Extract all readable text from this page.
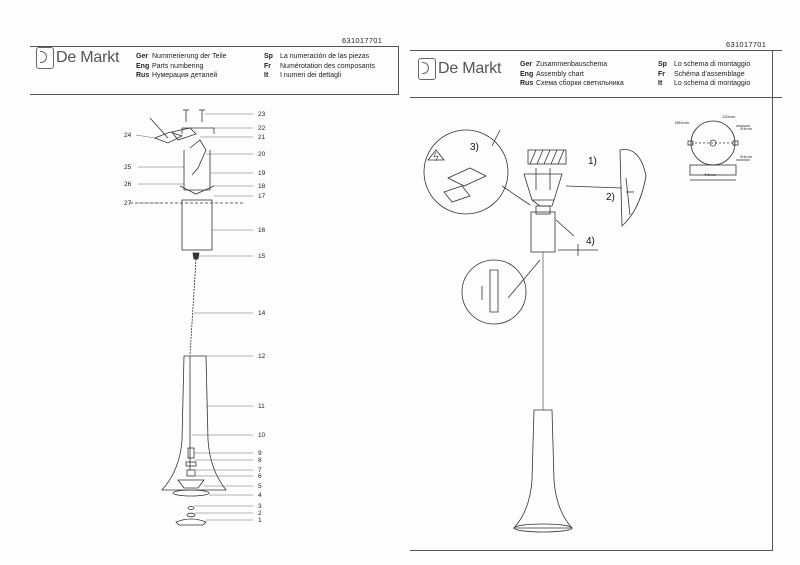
631017701
De Markt Ger Nummerierung der Teile
Eng Parts numbering
Rus Нумерация деталей
Sp La numeración de las piezas
Fr Numérotation des composants
It I numeri dei dettagli
23
22
21
24
20
25
19
26	18
17
27
16
15
14
12
11
10
9
8
7
6
5
4
3
2
1
631017701
De Markt	Ger Zusammenbauschema
Eng Assembly chart
Rus Схема сборки светильника
Sp Lo schema di montaggio
Fr Schéma d'assemblage
It Lo schema di montaggio
1)
2)
3)
4)
Ø80mm
130mm
Φ4mm
Φ6mm
Φ4mm
